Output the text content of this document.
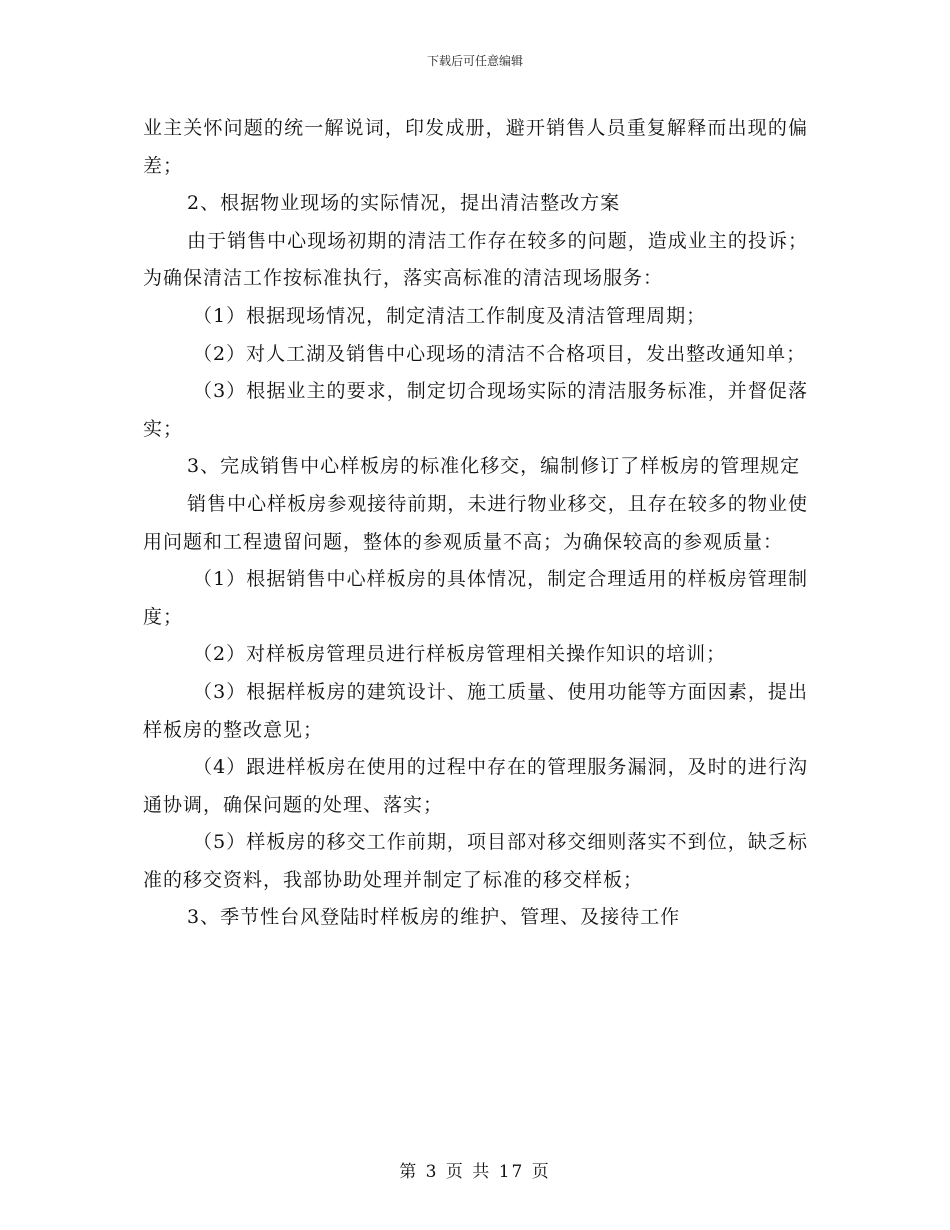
下载后可任意编辑

业主关怀问题的统一解说词，印发成册，避开销售人员重复解释而出现的偏差；

2、根据物业现场的实际情况，提出清洁整改方案

由于销售中心现场初期的清洁工作存在较多的问题，造成业主的投诉；为确保清洁工作按标准执行，落实高标准的清洁现场服务：

（1）根据现场情况，制定清洁工作制度及清洁管理周期；

（2）对人工湖及销售中心现场的清洁不合格项目，发出整改通知单；

（3）根据业主的要求，制定切合现场实际的清洁服务标准，并督促落实；

3、完成销售中心样板房的标准化移交，编制修订了样板房的管理规定

销售中心样板房参观接待前期，未进行物业移交，且存在较多的物业使用问题和工程遗留问题，整体的参观质量不高；为确保较高的参观质量：

（1）根据销售中心样板房的具体情况，制定合理适用的样板房管理制度；

（2）对样板房管理员进行样板房管理相关操作知识的培训；

（3）根据样板房的建筑设计、施工质量、使用功能等方面因素，提出样板房的整改意见；

（4）跟进样板房在使用的过程中存在的管理服务漏洞，及时的进行沟通协调，确保问题的处理、落实；

（5）样板房的移交工作前期，项目部对移交细则落实不到位，缺乏标准的移交资料，我部协助处理并制定了标准的移交样板；

3、季节性台风登陆时样板房的维护、管理、及接待工作

第 3 页 共 17 页
